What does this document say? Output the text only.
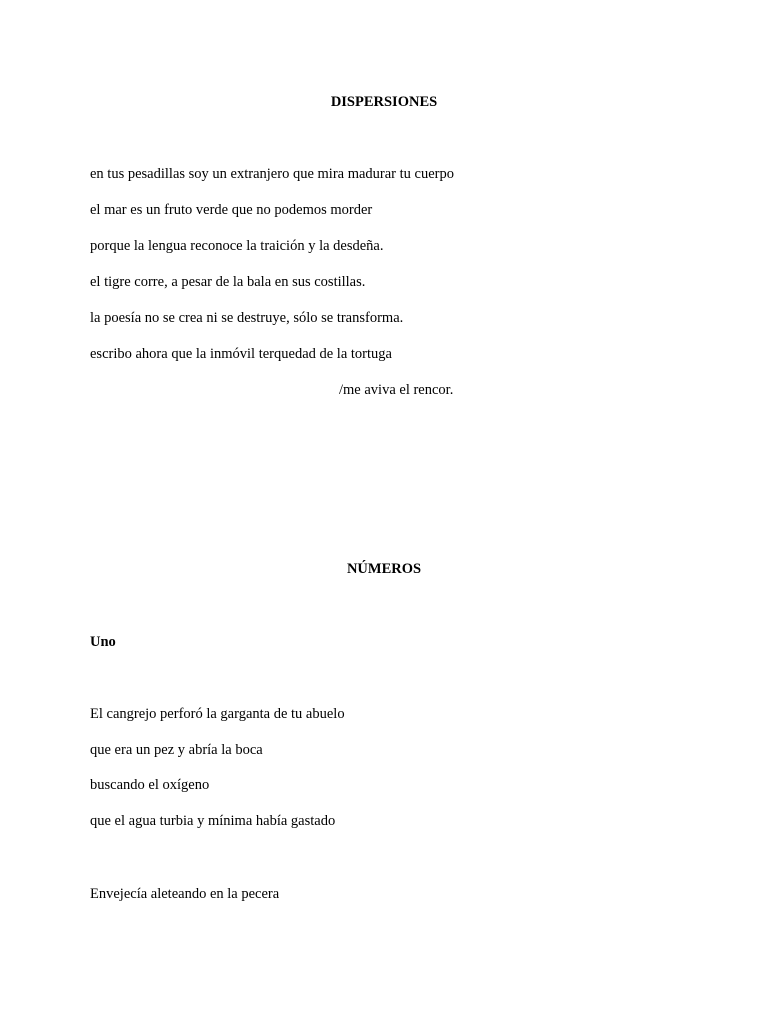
DISPERSIONES
en tus pesadillas soy un extranjero que mira madurar tu cuerpo
el mar es un fruto verde que no podemos morder
porque la lengua reconoce la traición y la desdeña.
el tigre corre, a pesar de la bala en sus costillas.
la poesía no se crea ni se destruye, sólo se transforma.
escribo ahora que la inmóvil terquedad de la tortuga
/me aviva el rencor.
NÚMEROS
Uno
El cangrejo perforó la garganta de tu abuelo
que era un pez y abría la boca
buscando el oxígeno
que el agua turbia y mínima había gastado
Envejecía aleteando en la pecera
